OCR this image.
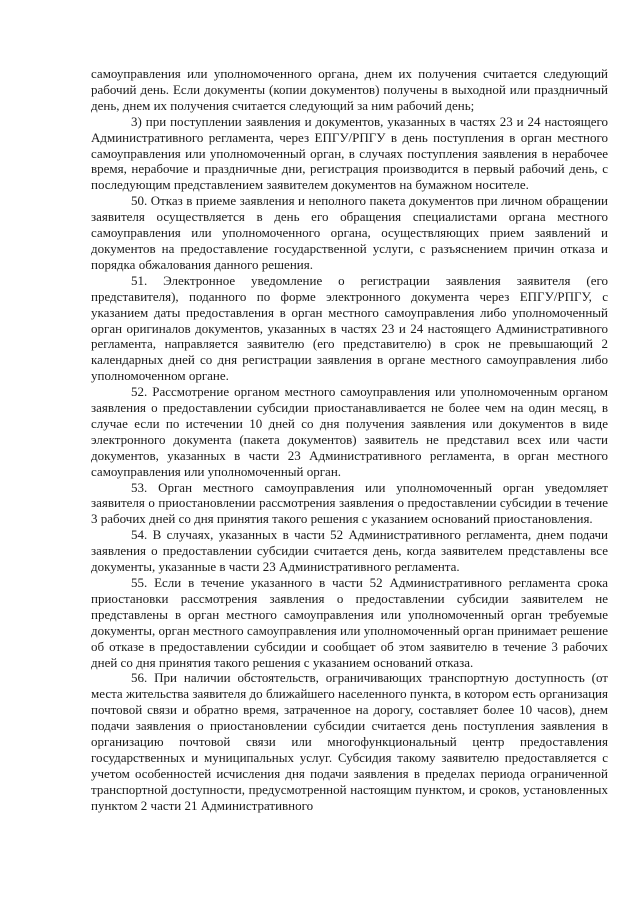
самоуправления или уполномоченного органа, днем их получения считается следующий рабочий день. Если документы (копии документов) получены в выходной или праздничный день, днем их получения считается следующий за ним рабочий день;

3) при поступлении заявления и документов, указанных в частях 23 и 24 настоящего Административного регламента, через ЕПГУ/РПГУ в день поступления в орган местного самоуправления или уполномоченный орган, в случаях поступления заявления в нерабочее время, нерабочие и праздничные дни, регистрация производится в первый рабочий день, с последующим представлением заявителем документов на бумажном носителе.

50. Отказ в приеме заявления и неполного пакета документов при личном обращении заявителя осуществляется в день его обращения специалистами органа местного самоуправления или уполномоченного органа, осуществляющих прием заявлений и документов на предоставление государственной услуги, с разъяснением причин отказа и порядка обжалования данного решения.

51. Электронное уведомление о регистрации заявления заявителя (его представителя), поданного по форме электронного документа через ЕПГУ/РПГУ, с указанием даты предоставления в орган местного самоуправления либо уполномоченный орган оригиналов документов, указанных в частях 23 и 24 настоящего Административного регламента, направляется заявителю (его представителю) в срок не превышающий 2 календарных дней со дня регистрации заявления в органе местного самоуправления либо уполномоченном органе.

52. Рассмотрение органом местного самоуправления или уполномоченным органом заявления о предоставлении субсидии приостанавливается не более чем на один месяц, в случае если по истечении 10 дней со дня получения заявления или документов в виде электронного документа (пакета документов) заявитель не представил всех или части документов, указанных в части 23 Административного регламента, в орган местного самоуправления или уполномоченный орган.

53. Орган местного самоуправления или уполномоченный орган уведомляет заявителя о приостановлении рассмотрения заявления о предоставлении субсидии в течение 3 рабочих дней со дня принятия такого решения с указанием оснований приостановления.

54. В случаях, указанных в части 52 Административного регламента, днем подачи заявления о предоставлении субсидии считается день, когда заявителем представлены все документы, указанные в части 23 Административного регламента.

55. Если в течение указанного в части 52 Административного регламента срока приостановки рассмотрения заявления о предоставлении субсидии заявителем не представлены в орган местного самоуправления или уполномоченный орган требуемые документы, орган местного самоуправления или уполномоченный орган принимает решение об отказе в предоставлении субсидии и сообщает об этом заявителю в течение 3 рабочих дней со дня принятия такого решения с указанием оснований отказа.

56. При наличии обстоятельств, ограничивающих транспортную доступность (от места жительства заявителя до ближайшего населенного пункта, в котором есть организация почтовой связи и обратно время, затраченное на дорогу, составляет более 10 часов), днем подачи заявления о приостановлении субсидии считается день поступления заявления в организацию почтовой связи или многофункциональный центр предоставления государственных и муниципальных услуг. Субсидия такому заявителю предоставляется с учетом особенностей исчисления дня подачи заявления в пределах периода ограниченной транспортной доступности, предусмотренной настоящим пунктом, и сроков, установленных пунктом 2 части 21 Административного
